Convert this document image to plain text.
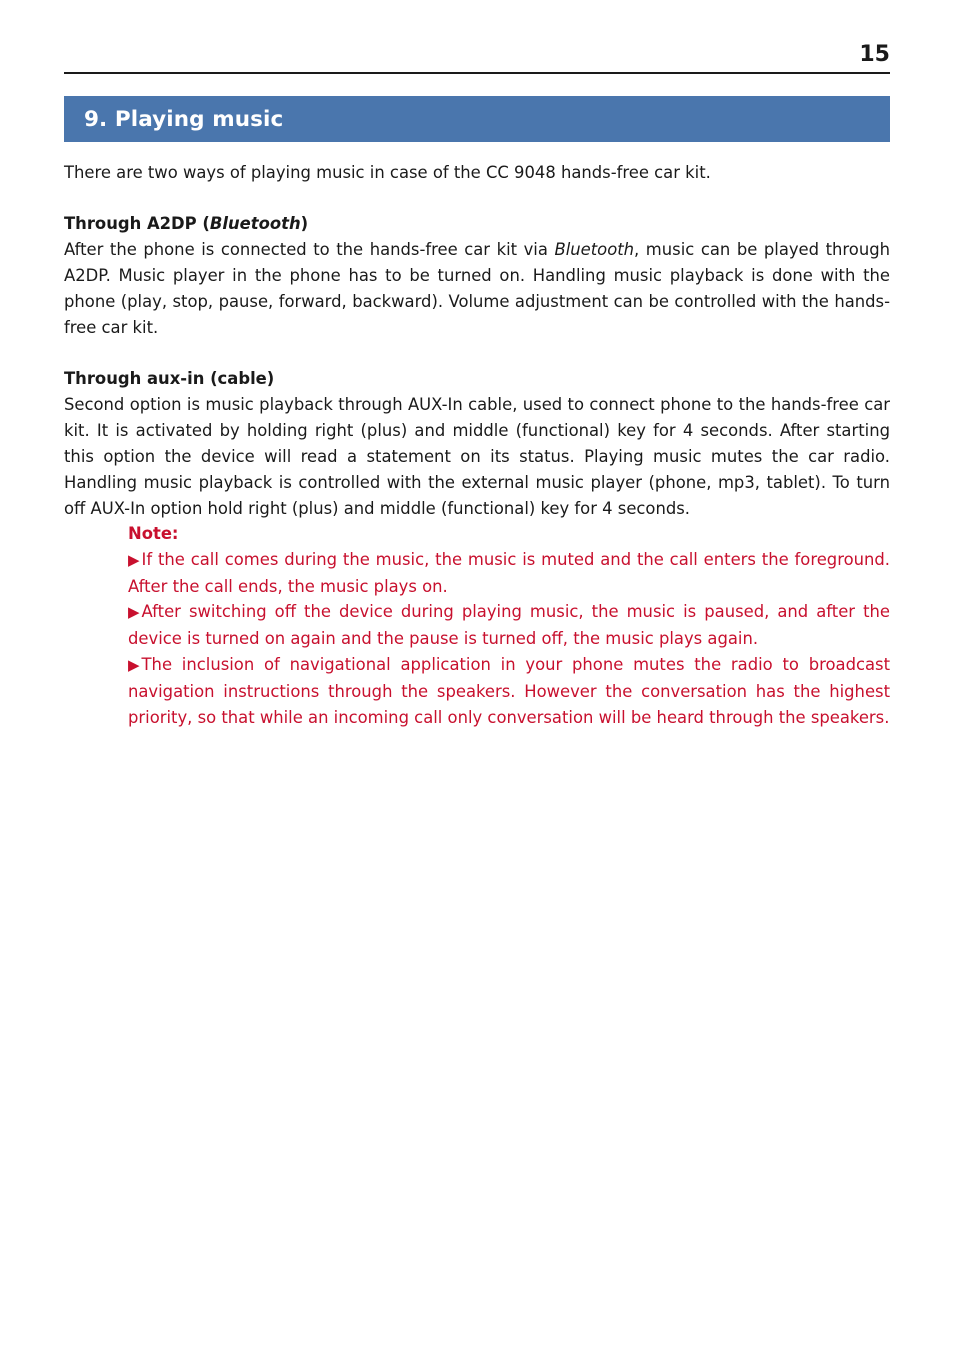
15
9. Playing music

There are two ways of playing music in case of the CC 9048 hands-free car kit.

Through A2DP (Bluetooth)

After the phone is connected to the hands-free car kit via Bluetooth, music can be played through A2DP. Music player in the phone has to be turned on. Handling music playback is done with the phone (play, stop, pause, forward, backward). Volume adjustment can be controlled with the hands-free car kit.

Through aux-in (cable)

Second option is music playback through AUX-In cable, used to connect phone to the hands-free car kit. It is activated by holding right (plus) and middle (functional) key for 4 seconds. After starting this option the device will read a statement on its status. Playing music mutes the car radio. Handling music playback is controlled with the external music player (phone, mp3, tablet). To turn off AUX-In option hold right (plus) and middle (functional) key for 4 seconds.

Note:

▶ If the call comes during the music, the music is muted and the call enters the foreground. After the call ends, the music plays on.

▶ After switching off the device during playing music, the music is paused, and after the device is turned on again and the pause is turned off, the music plays again.

▶ The inclusion of navigational application in your phone mutes the radio to broadcast navigation instructions through the speakers. However the conversation has the highest priority, so that while an incoming call only conversation will be heard through the speakers.
